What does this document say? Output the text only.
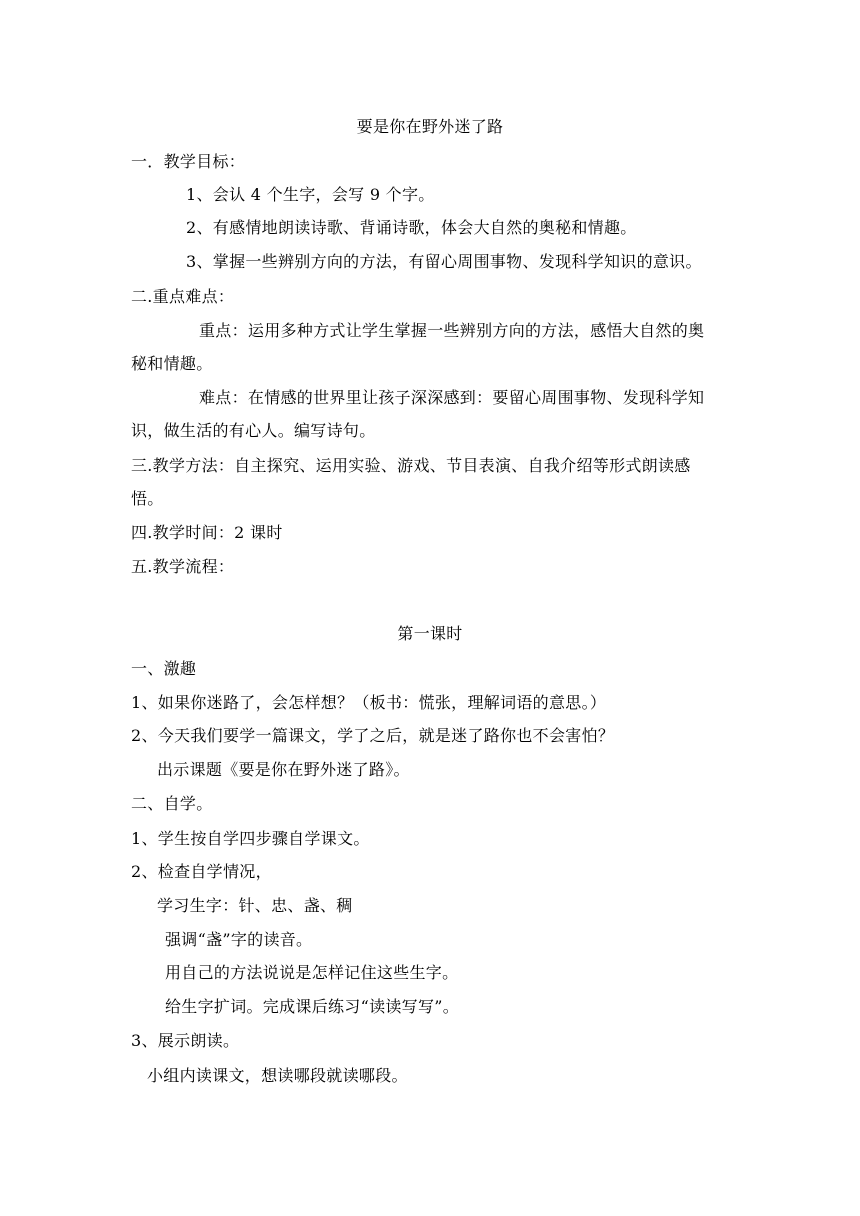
要是你在野外迷了路
一．教学目标：
1、会认 4 个生字，会写 9 个字。
2、有感情地朗读诗歌、背诵诗歌，体会大自然的奥秘和情趣。
3、掌握一些辨别方向的方法，有留心周围事物、发现科学知识的意识。
二.重点难点：
重点：运用多种方式让学生掌握一些辨别方向的方法，感悟大自然的奥
秘和情趣。
难点：在情感的世界里让孩子深深感到：要留心周围事物、发现科学知
识，做生活的有心人。编写诗句。
三.教学方法：自主探究、运用实验、游戏、节目表演、自我介绍等形式朗读感
悟。
四.教学时间：2 课时
五.教学流程：
第一课时
一、激趣
1、如果你迷路了，会怎样想？（板书：慌张，理解词语的意思。）
2、今天我们要学一篇课文，学了之后，就是迷了路你也不会害怕？
出示课题《要是你在野外迷了路》。
二、自学。
1、学生按自学四步骤自学课文。
2、检查自学情况，
学习生字：针、忠、盏、稠
强调“盏”字的读音。
用自己的方法说说是怎样记住这些生字。
给生字扩词。完成课后练习“读读写写”。
3、展示朗读。
小组内读课文，想读哪段就读哪段。
